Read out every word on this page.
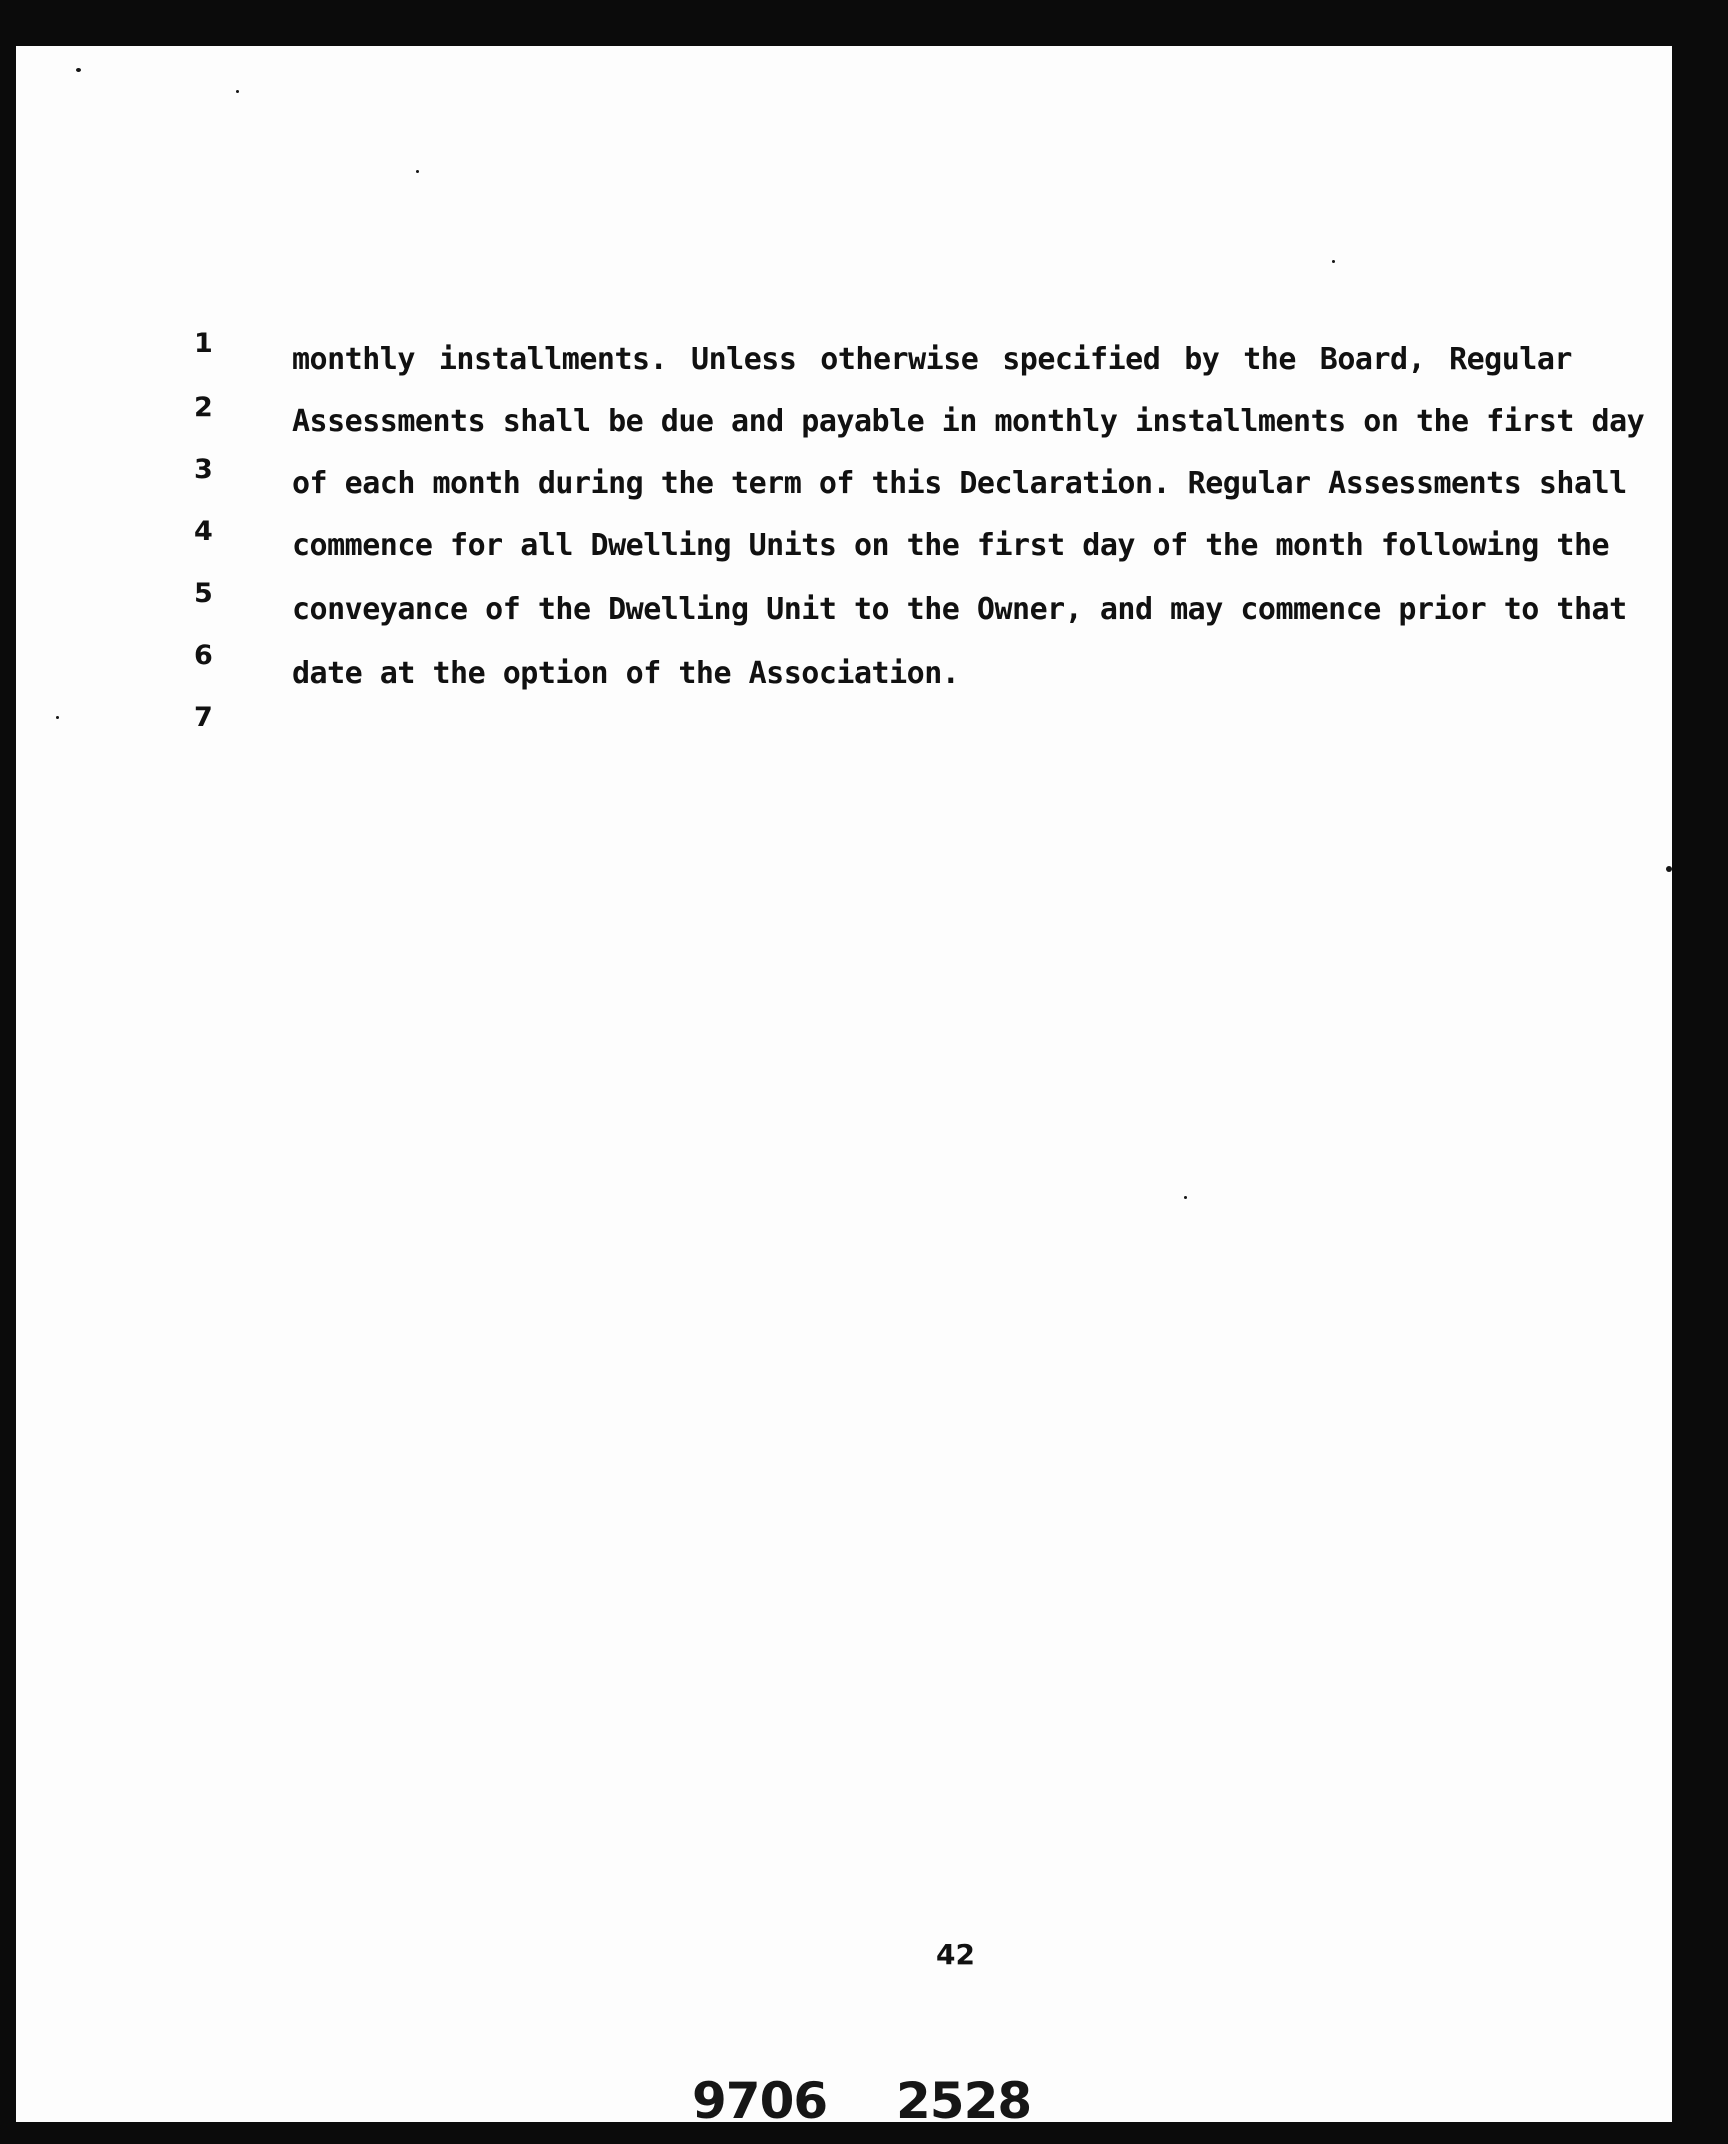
1	monthly installments. Unless otherwise specified by the Board, Regular
2	Assessments shall be due and payable in monthly installments on the first day
3	of each month during the term of this Declaration. Regular Assessments shall
4	commence for all Dwelling Units on the first day of the month following the
5	conveyance of the Dwelling Unit to the Owner, and may commence prior to that
6
date at the option of the Association.
7
42
9706 2528
